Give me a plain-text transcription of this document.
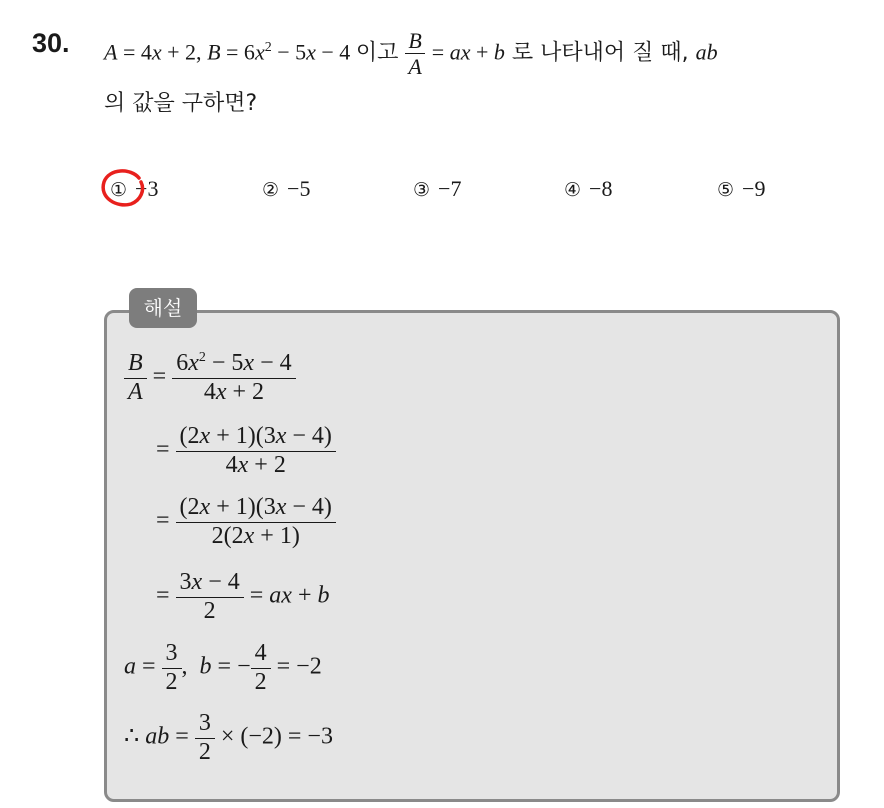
30. A = 4x + 2, $B = 6x^2 - 5x - 4$ 이고 $\frac{B}{A}$ = ax + b 로 나타내어 질 때, ab
의 값을 구하면?
① −3	② −5	③ −7	④ −8	⑤ −9
해설
$\frac{B}{A} = \frac{6x^2 - 5x - 4}{4x + 2}$
= $\frac{(2x + 1)(3x - 4)}{4x + 2}$
= $\frac{(2x + 1)(3x - 4)}{2(2x + 1)}$
= $\frac{3x - 4}{2}$ = ax + b
$a = \frac{3}{2}$ ,  b = − $\frac{4}{2} = -2$
∴ ab = $\frac{3}{2} \times (-2) = -3$
